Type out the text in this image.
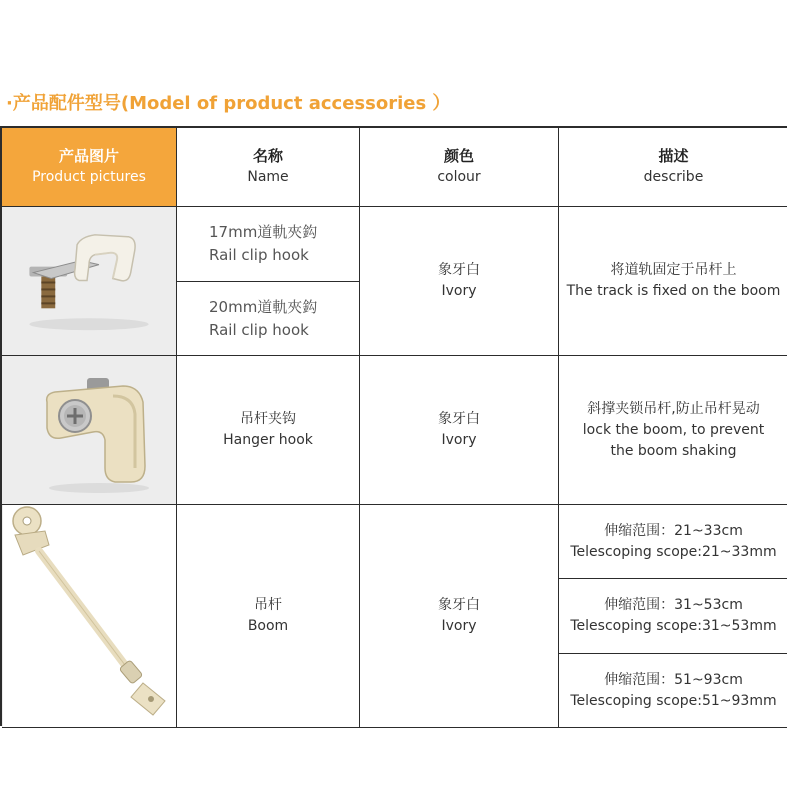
·产品配件型号(Model of product accessories ）
产品图片
Product pictures
名称
Name
颜色
colour
描述
describe
17mm道軌夾鈎
Rail clip hook
20mm道軌夾鈎
Rail clip hook
象牙白
Ivory
将道轨固定于吊杆上
The track is fixed on the boom
吊杆夹钩
Hanger hook
象牙白
Ivory
斜撑夹锁吊杆,防止吊杆晃动
lock the boom, to prevent
the boom shaking
吊杆
Boom
象牙白
Ivory
伸缩范围：21~33cm
Telescoping scope:21~33mm
伸缩范围：31~53cm
Telescoping scope:31~53mm
伸缩范围：51~93cm
Telescoping scope:51~93mm
